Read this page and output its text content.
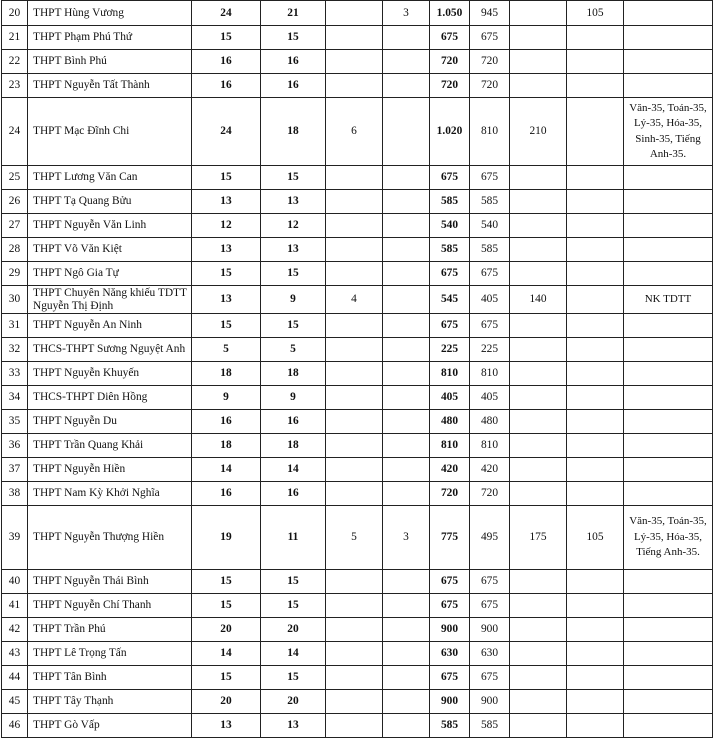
20	THPT Hùng Vương	24	21		3	1.050	945		105	
21	THPT Phạm Phú Thứ	15	15			675	675			
22	THPT Bình Phú	16	16			720	720			
23	THPT Nguyễn Tất Thành	16	16			720	720			
24	THPT Mạc Đĩnh Chi	24	18	6		1.020	810	210		Văn-35, Toán-35, Lý-35, Hóa-35, Sinh-35, Tiếng Anh-35.
25	THPT Lương Văn Can	15	15			675	675			
26	THPT Tạ Quang Bửu	13	13			585	585			
27	THPT Nguyễn Văn Linh	12	12			540	540			
28	THPT Võ Văn Kiệt	13	13			585	585			
29	THPT Ngô Gia Tự	15	15			675	675			
30	THPT Chuyên Năng khiếu TDTT Nguyễn Thị Định	13	9	4		545	405	140		NK TDTT
31	THPT Nguyễn An Ninh	15	15			675	675			
32	THCS-THPT Sương Nguyệt Anh	5	5			225	225			
33	THPT Nguyễn Khuyến	18	18			810	810			
34	THCS-THPT Diên Hồng	9	9			405	405			
35	THPT Nguyễn Du	16	16			480	480			
36	THPT Trần Quang Khải	18	18			810	810			
37	THPT Nguyễn Hiền	14	14			420	420			
38	THPT Nam Kỳ Khởi Nghĩa	16	16			720	720			
39	THPT Nguyễn Thượng Hiền	19	11	5	3	775	495	175	105	Văn-35, Toán-35, Lý-35, Hóa-35, Tiếng Anh-35.
40	THPT Nguyễn Thái Bình	15	15			675	675			
41	THPT Nguyễn Chí Thanh	15	15			675	675			
42	THPT Trần Phú	20	20			900	900			
43	THPT Lê Trọng Tấn	14	14			630	630			
44	THPT Tân Bình	15	15			675	675			
45	THPT Tây Thạnh	20	20			900	900			
46	THPT Gò Vấp	13	13			585	585			
